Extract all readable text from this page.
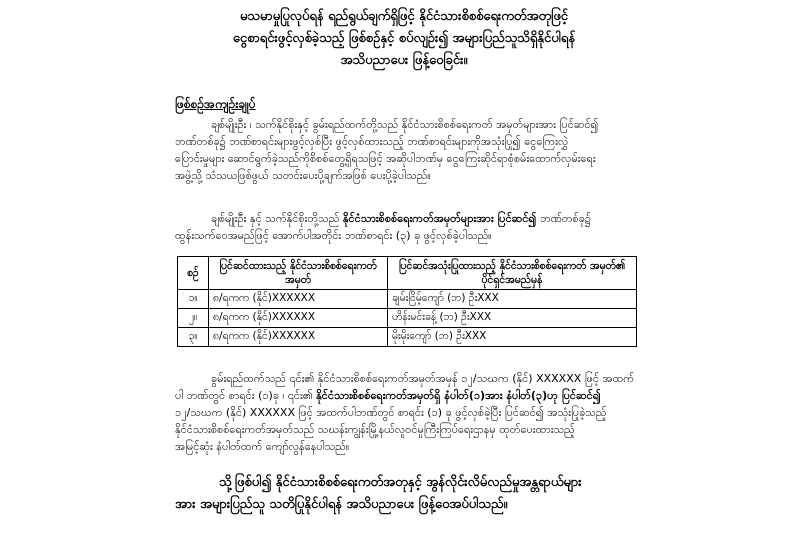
မသမာမှုပြုလုပ်ရန် ရည်ရွယ်ချက်ရှိဖြင့် နိုင်ငံသားစိစစ်ရေးကတ်အတုဖြင့်
ငွေစာရင်းဖွင့်လှစ်ခဲ့သည့် ဖြစ်စဉ်နှင့် စပ်လျဉ်း၍ အများပြည်သူသိရှိနိုင်ပါရန်
အသိပညာပေး ဖြန့်ဝေခြင်း။
ဖြစ်စဉ်အကျဉ်းချုပ်
ချစ်မျိုးဦး ၊ သက်နိုင်စိုးနှင့် ခွမ်းရည်ထက်တို့သည် နိုင်ငံသားစိစစ်ရေးကတ် အမှတ်များအား ပြင်ဆင်၍
ဘဏ်တစ်ခု၌ ဘဏ်စာရင်းများဖွင့်လှစ်ပြီး ဖွင့်လှစ်ထားသည့် ဘဏ်စာရင်းများကိုအသုံးပြု၍ ငွေကြေးလွှဲ
ပြောင်းမှုများ ဆောင်ရွက်ခဲ့သည်ကိုစိစစ်တွေ့ရှိရသဖြင့် အဆိုပါဘဏ်မှ ငွေကြေးဆိုင်ရာစုံစမ်းထောက်လှမ်းရေး
အဖွဲ့သို့ သံသယဖြစ်ဖွယ် သတင်းပေးပို့ချက်အဖြစ် ပေးပို့ခဲ့ပါသည်။
ချစ်မျိုးဦး နှင့် သက်နိုင်စိုးတို့သည် နိုင်ငံသားစိစစ်ရေးကတ်အမှတ်များအား ပြင်ဆင်၍ ဘဏ်တစ်ခု၌
ထွန်းသက်ဝေအမည်ဖြင့် အောက်ပါအတိုင်း ဘဏ်စာရင်း (၃) ခု ဖွင့်လှစ်ခဲ့ပါသည်။
စဉ်	ပြင်ဆင်ထားသည့် နိုင်ငံသားစိစစ်ရေးကတ် အမှတ်	ပြင်ဆင်အသုံးပြုထားသည့် နိုင်ငံသားစိစစ်ရေးကတ် အမှတ်၏ ပိုင်ရှင်အမည်မှန်
၁။	၈/ရကက (နိုင်)XXXXXX	ချမ်းငြိမ့်ကျော် (ဘ) ဦးXXX
၂။	၈/ရကက (နိုင်)XXXXXX	ဟိန်းမင်းခန့် (ဘ) ဦးXXX
၃။	၈/ရကက (နိုင်)XXXXXX	မိုးမိုးကျော် (ဘ) ဦးXXX
ခွမ်းရည်ထက်သည် ၎င်း၏ နိုင်ငံသားစိစစ်ရေးကတ်အမှတ်အမှန် ၁၂/သဃက (နိုင်) XXXXXX ဖြင့် အထက်
ပါ ဘဏ်တွင် စာရင်း (၁)ခု ၊ ၎င်း၏ နိုင်ငံသားစိစစ်ရေးကတ်အမှတ်ရှိ နံပါတ်(၁)အား နံပါတ်(၃)ဟု ပြင်ဆင်၍
၁၂/သဃက (နိုင်) XXXXXX ဖြင့် အထက်ပါဘဏ်တွင် စာရင်း (၁) ခု ဖွင့်လှစ်ခဲ့ပြီး ပြင်ဆင်၍ အသုံးပြုခဲ့သည့်
နိုင်ငံသားစိစစ်ရေးကတ်အမှတ်သည် သဃန်းကျွန်းမြို့နယ်လူဝင်မှုကြီးကြပ်ရေးဌာနမှ ထုတ်ပေးထားသည့်
အမြင့်ဆုံး နံပါတ်ထက် ကျော်လွန်နေပါသည်။
သို့ဖြစ်ပါ၍ နိုင်ငံသားစိစစ်ရေးကတ်အတုနှင့် အွန်လိုင်းလိမ်လည်မှုအန္တရာယ်များ
အား အများပြည်သူ သတိပြုနိုင်ပါရန် အသိပညာပေး ဖြန့်ဝေအပ်ပါသည်။
